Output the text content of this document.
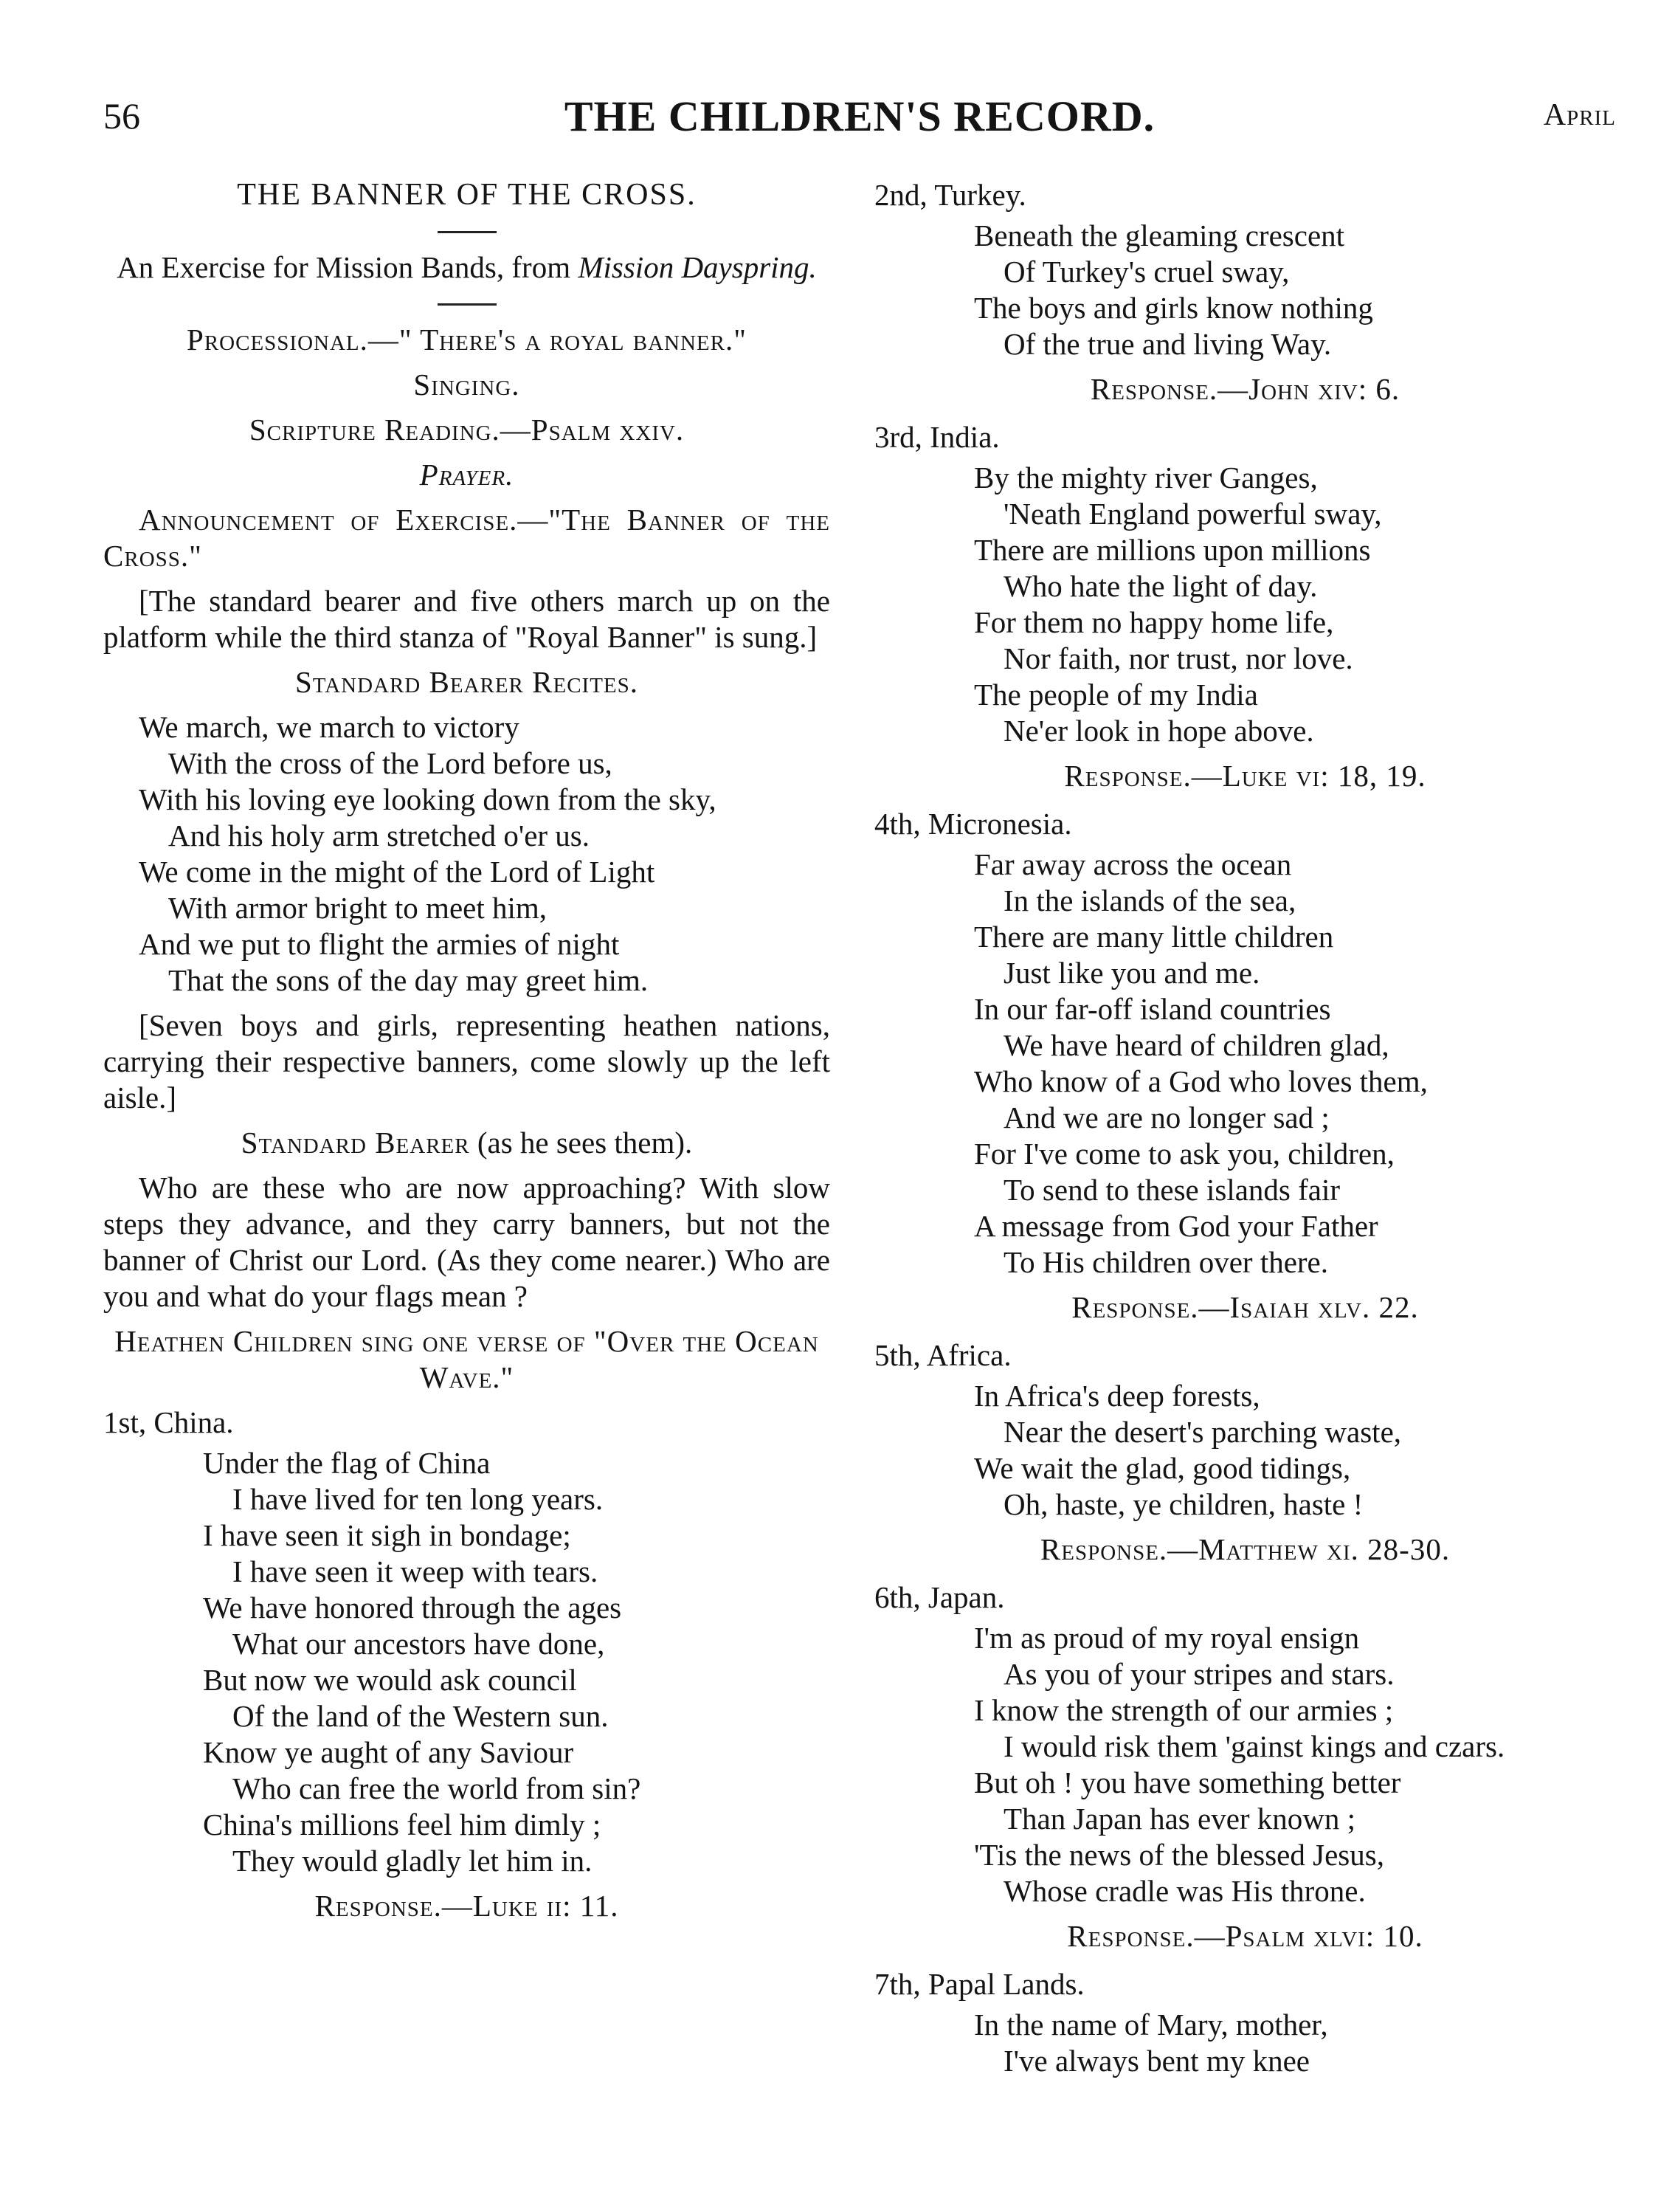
56	THE CHILDREN'S RECORD.	April
THE BANNER OF THE CROSS.
An Exercise for Mission Bands, from Mission Dayspring.
Processional.—" There's a royal banner."
Singing.
Scripture Reading.—Psalm xxiv.
Prayer.
Announcement of Exercise.—"The Banner of the Cross."
[The standard bearer and five others march up on the platform while the third stanza of "Royal Banner" is sung.]
Standard Bearer Recites.
We march, we march to victory
With the cross of the Lord before us,
With his loving eye looking down from the sky,
And his holy arm stretched o'er us.
We come in the might of the Lord of Light
With armor bright to meet him,
And we put to flight the armies of night
That the sons of the day may greet him.
[Seven boys and girls, representing heathen nations, carrying their respective banners, come slowly up the left aisle.]
Standard Bearer (as he sees them).
Who are these who are now approaching? With slow steps they advance, and they carry banners, but not the banner of Christ our Lord. (As they come nearer.) Who are you and what do your flags mean ?
Heathen Children sing one verse of "Over the Ocean Wave."
1st, China.
Under the flag of China
I have lived for ten long years.
I have seen it sigh in bondage;
I have seen it weep with tears.
We have honored through the ages
What our ancestors have done,
But now we would ask council
Of the land of the Western sun.
Know ye aught of any Saviour
Who can free the world from sin?
China's millions feel him dimly ;
They would gladly let him in.
Response.—Luke ii: 11.
2nd, Turkey.
Beneath the gleaming crescent
Of Turkey's cruel sway,
The boys and girls know nothing
Of the true and living Way.
Response.—John xiv: 6.
3rd, India.
By the mighty river Ganges,
'Neath England powerful sway,
There are millions upon millions
Who hate the light of day.
For them no happy home life,
Nor faith, nor trust, nor love.
The people of my India
Ne'er look in hope above.
Response.—Luke vi: 18, 19.
4th, Micronesia.
Far away across the ocean
In the islands of the sea,
There are many little children
Just like you and me.
In our far-off island countries
We have heard of children glad,
Who know of a God who loves them,
And we are no longer sad ;
For I've come to ask you, children,
To send to these islands fair
A message from God your Father
To His children over there.
Response.—Isaiah xlv. 22.
5th, Africa.
In Africa's deep forests,
Near the desert's parching waste,
We wait the glad, good tidings,
Oh, haste, ye children, haste !
Response.—Matthew xi. 28-30.
6th, Japan.
I'm as proud of my royal ensign
As you of your stripes and stars.
I know the strength of our armies ;
I would risk them 'gainst kings and czars.
But oh ! you have something better
Than Japan has ever known ;
'Tis the news of the blessed Jesus,
Whose cradle was His throne.
Response.—Psalm xlvi: 10.
7th, Papal Lands.
In the name of Mary, mother,
I've always bent my knee
